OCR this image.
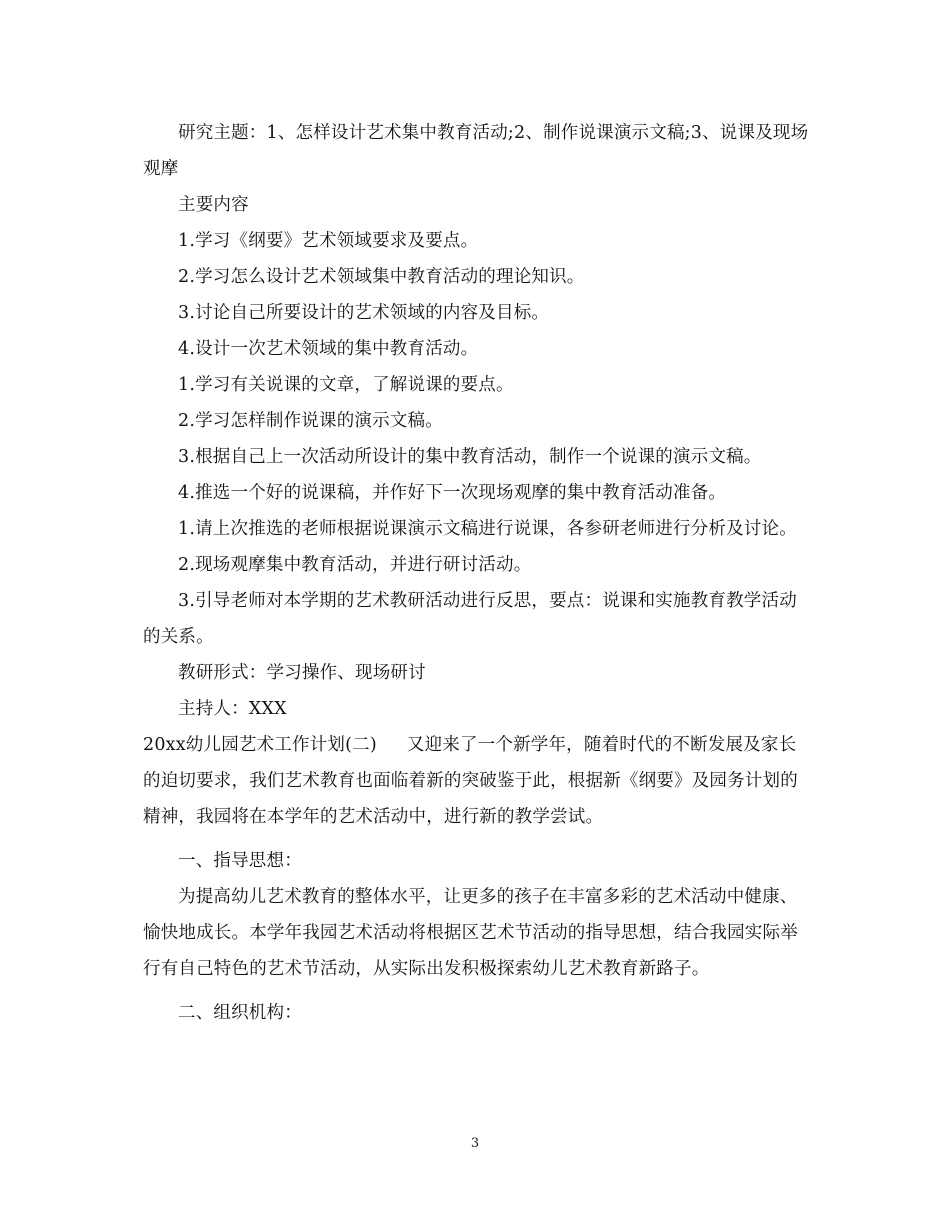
研究主题：1、怎样设计艺术集中教育活动;2、制作说课演示文稿;3、说课及现场观摩

主要内容

1.学习《纲要》艺术领域要求及要点。

2.学习怎么设计艺术领域集中教育活动的理论知识。

3.讨论自己所要设计的艺术领域的内容及目标。

4.设计一次艺术领域的集中教育活动。

1.学习有关说课的文章，了解说课的要点。

2.学习怎样制作说课的演示文稿。

3.根据自己上一次活动所设计的集中教育活动，制作一个说课的演示文稿。

4.推选一个好的说课稿，并作好下一次现场观摩的集中教育活动准备。

1.请上次推选的老师根据说课演示文稿进行说课，各参研老师进行分析及讨论。

2.现场观摩集中教育活动，并进行研讨活动。

3.引导老师对本学期的艺术教研活动进行反思，要点：说课和实施教育教学活动的关系。

教研形式：学习操作、现场研讨

主持人：XXX

20xx幼儿园艺术工作计划(二) 又迎来了一个新学年，随着时代的不断发展及家长的迫切要求，我们艺术教育也面临着新的突破鉴于此，根据新《纲要》及园务计划的精神，我园将在本学年的艺术活动中，进行新的教学尝试。

一、指导思想：

为提高幼儿艺术教育的整体水平，让更多的孩子在丰富多彩的艺术活动中健康、愉快地成长。本学年我园艺术活动将根据区艺术节活动的指导思想，结合我园实际举行有自己特色的艺术节活动，从实际出发积极探索幼儿艺术教育新路子。

二、组织机构：

3
